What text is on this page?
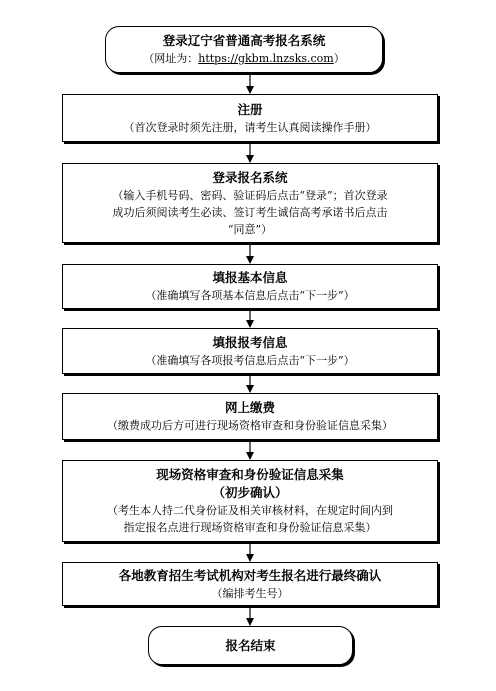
登录辽宁省普通高考报名系统
（网址为：https://gkbm.lnzsks.com）
注册
（首次登录时须先注册，请考生认真阅读操作手册）
登录报名系统
（输入手机号码、密码、验证码后点击“登录”；首次登录
成功后须阅读考生必读、签订考生诚信高考承诺书后点击
“同意”）
填报基本信息
（准确填写各项基本信息后点击“下一步”）
填报报考信息
（准确填写各项报考信息后点击“下一步”）
网上缴费
（缴费成功后方可进行现场资格审查和身份验证信息采集）
现场资格审查和身份验证信息采集
（初步确认）
（考生本人持二代身份证及相关审核材料，在规定时间内到
指定报名点进行现场资格审查和身份验证信息采集）
各地教育招生考试机构对考生报名进行最终确认
（编排考生号）
报名结束
